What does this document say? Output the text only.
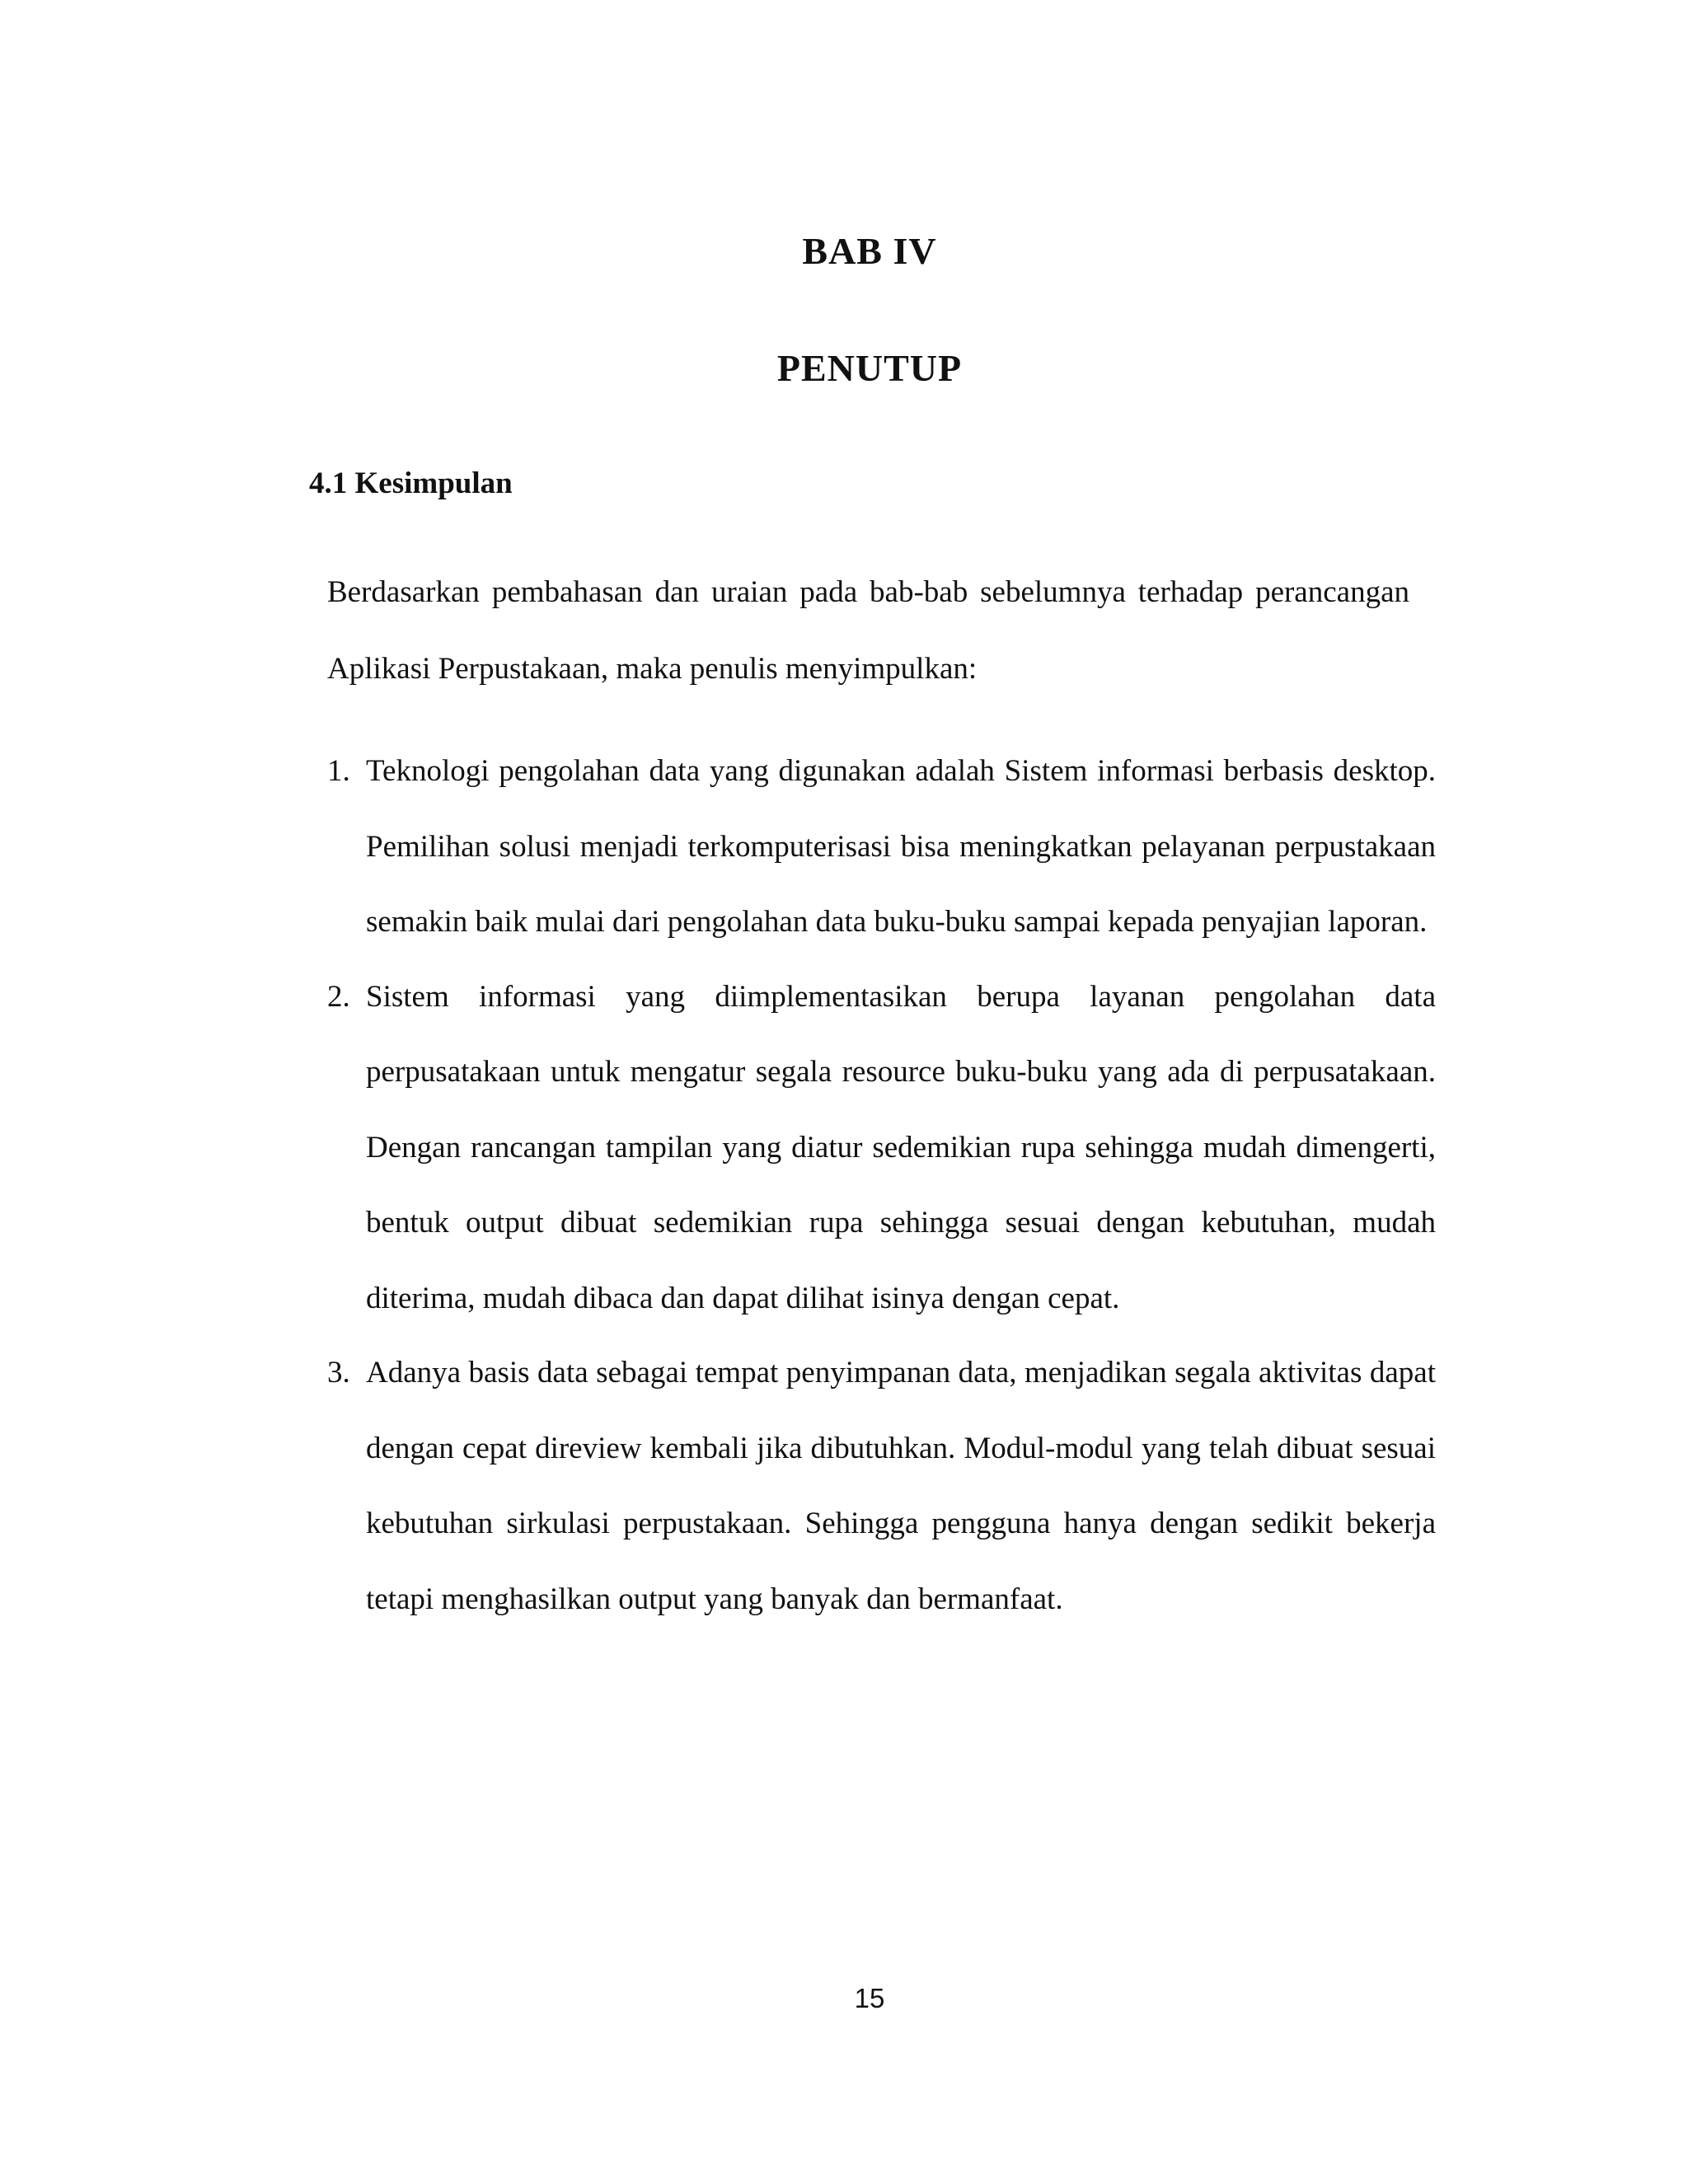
BAB IV
PENUTUP
4.1 Kesimpulan

Berdasarkan pembahasan dan uraian pada bab-bab sebelumnya terhadap perancangan Aplikasi Perpustakaan, maka penulis menyimpulkan:

1. Teknologi pengolahan data yang digunakan adalah Sistem informasi berbasis desktop. Pemilihan solusi menjadi terkomputerisasi bisa meningkatkan pelayanan perpustakaan semakin baik mulai dari pengolahan data buku-buku sampai kepada penyajian laporan.
2. Sistem informasi yang diimplementasikan berupa layanan pengolahan data perpusatakaan untuk mengatur segala resource buku-buku yang ada di perpusatakaan. Dengan rancangan tampilan yang diatur sedemikian rupa sehingga mudah dimengerti, bentuk output dibuat sedemikian rupa sehingga sesuai dengan kebutuhan, mudah diterima, mudah dibaca dan dapat dilihat isinya dengan cepat.
3. Adanya basis data sebagai tempat penyimpanan data, menjadikan segala aktivitas dapat dengan cepat direview kembali jika dibutuhkan. Modul-modul yang telah dibuat sesuai kebutuhan sirkulasi perpustakaan. Sehingga pengguna hanya dengan sedikit bekerja tetapi menghasilkan output yang banyak dan bermanfaat.
15
